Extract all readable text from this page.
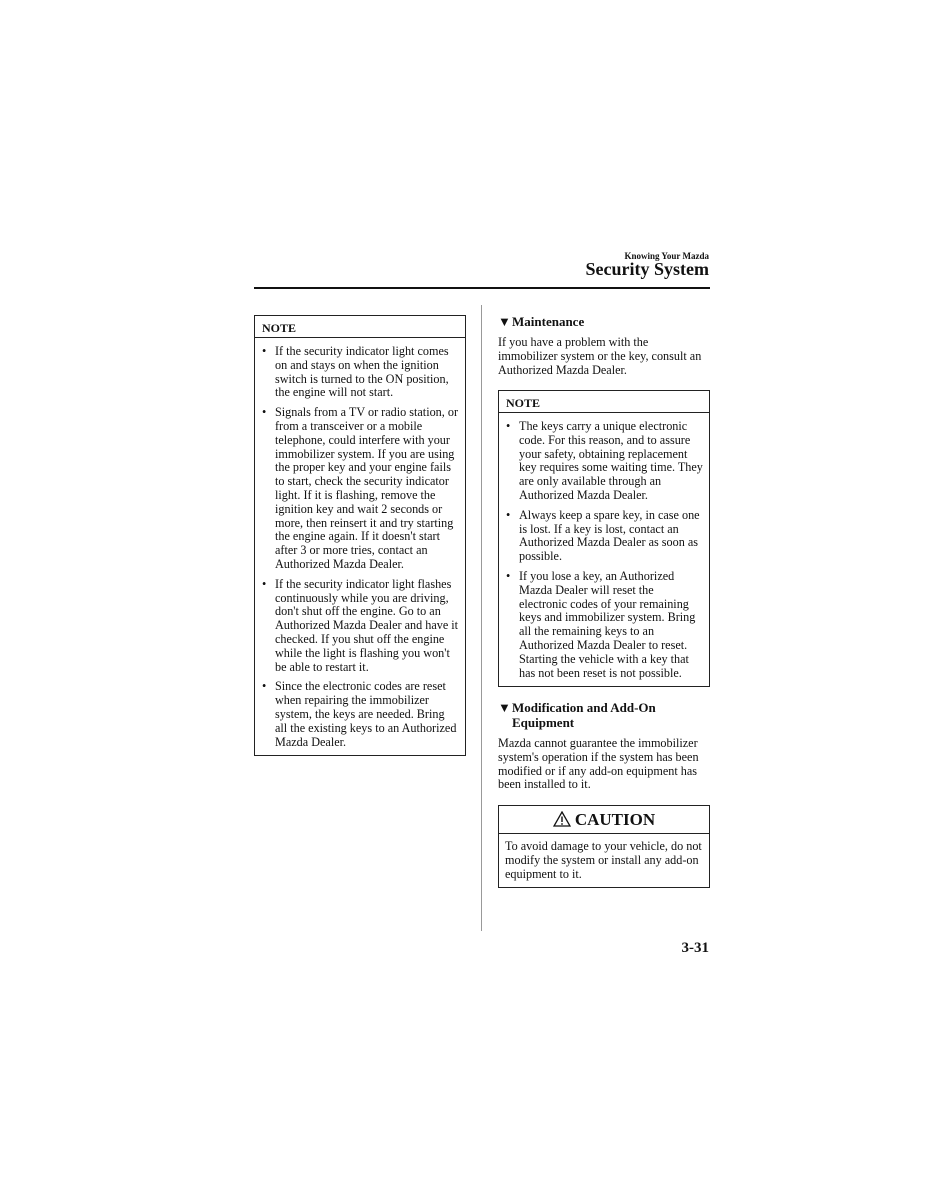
Knowing Your Mazda
Security System
NOTE
• If the security indicator light comes on and stays on when the ignition switch is turned to the ON position, the engine will not start.
• Signals from a TV or radio station, or from a transceiver or a mobile telephone, could interfere with your immobilizer system. If you are using the proper key and your engine fails to start, check the security indicator light. If it is flashing, remove the ignition key and wait 2 seconds or more, then reinsert it and try starting the engine again. If it doesn't start after 3 or more tries, contact an Authorized Mazda Dealer.
• If the security indicator light flashes continuously while you are driving, don't shut off the engine. Go to an Authorized Mazda Dealer and have it checked. If you shut off the engine while the light is flashing you won't be able to restart it.
• Since the electronic codes are reset when repairing the immobilizer system, the keys are needed. Bring all the existing keys to an Authorized Mazda Dealer.
▼Maintenance
If you have a problem with the immobilizer system or the key, consult an Authorized Mazda Dealer.
NOTE
• The keys carry a unique electronic code. For this reason, and to assure your safety, obtaining replacement key requires some waiting time. They are only available through an Authorized Mazda Dealer.
• Always keep a spare key, in case one is lost. If a key is lost, contact an Authorized Mazda Dealer as soon as possible.
• If you lose a key, an Authorized Mazda Dealer will reset the electronic codes of your remaining keys and immobilizer system. Bring all the remaining keys to an Authorized Mazda Dealer to reset. Starting the vehicle with a key that has not been reset is not possible.
▼Modification and Add-On
Equipment
Mazda cannot guarantee the immobilizer system's operation if the system has been modified or if any add-on equipment has been installed to it.
CAUTION
To avoid damage to your vehicle, do not modify the system or install any add-on equipment to it.
3-31
